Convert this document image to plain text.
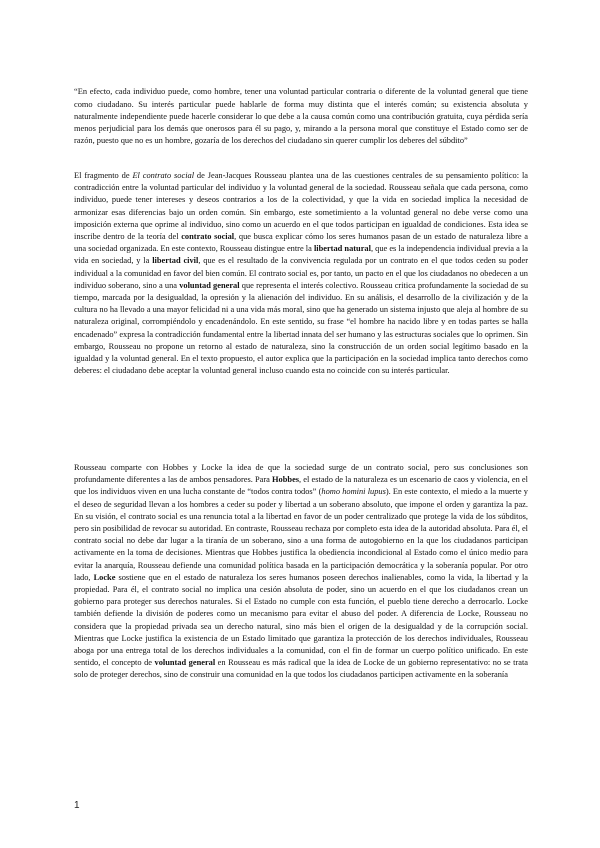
“En efecto, cada individuo puede, como hombre, tener una voluntad particular contraria o diferente de la voluntad general que tiene como ciudadano. Su interés particular puede hablarle de forma muy distinta que el interés común; su existencia absoluta y naturalmente independiente puede hacerle considerar lo que debe a la causa común como una contribución gratuita, cuya pérdida sería menos perjudicial para los demás que onerosos para él su pago, y, mirando a la persona moral que constituye el Estado como ser de razón, puesto que no es un hombre, gozaría de los derechos del ciudadano sin querer cumplir los deberes del súbdito”

El fragmento de El contrato social de Jean-Jacques Rousseau plantea una de las cuestiones centrales de su pensamiento político: la contradicción entre la voluntad particular del individuo y la voluntad general de la sociedad. Rousseau señala que cada persona, como individuo, puede tener intereses y deseos contrarios a los de la colectividad, y que la vida en sociedad implica la necesidad de armonizar esas diferencias bajo un orden común. Sin embargo, este sometimiento a la voluntad general no debe verse como una imposición externa que oprime al individuo, sino como un acuerdo en el que todos participan en igualdad de condiciones. Esta idea se inscribe dentro de la teoría del contrato social, que busca explicar cómo los seres humanos pasan de un estado de naturaleza libre a una sociedad organizada. En este contexto, Rousseau distingue entre la libertad natural, que es la independencia individual previa a la vida en sociedad, y la libertad civil, que es el resultado de la convivencia regulada por un contrato en el que todos ceden su poder individual a la comunidad en favor del bien común. El contrato social es, por tanto, un pacto en el que los ciudadanos no obedecen a un individuo soberano, sino a una voluntad general que representa el interés colectivo. Rousseau critica profundamente la sociedad de su tiempo, marcada por la desigualdad, la opresión y la alienación del individuo. En su análisis, el desarrollo de la civilización y de la cultura no ha llevado a una mayor felicidad ni a una vida más moral, sino que ha generado un sistema injusto que aleja al hombre de su naturaleza original, corrompiéndolo y encadenándolo. En este sentido, su frase “el hombre ha nacido libre y en todas partes se halla encadenado” expresa la contradicción fundamental entre la libertad innata del ser humano y las estructuras sociales que lo oprimen. Sin embargo, Rousseau no propone un retorno al estado de naturaleza, sino la construcción de un orden social legítimo basado en la igualdad y la voluntad general. En el texto propuesto, el autor explica que la participación en la sociedad implica tanto derechos como deberes: el ciudadano debe aceptar la voluntad general incluso cuando esta no coincide con su interés particular.
Rousseau comparte con Hobbes y Locke la idea de que la sociedad surge de un contrato social, pero sus conclusiones son profundamente diferentes a las de ambos pensadores. Para Hobbes, el estado de la naturaleza es un escenario de caos y violencia, en el que los individuos viven en una lucha constante de “todos contra todos” (homo homini lupus). En este contexto, el miedo a la muerte y el deseo de seguridad llevan a los hombres a ceder su poder y libertad a un soberano absoluto, que impone el orden y garantiza la paz. En su visión, el contrato social es una renuncia total a la libertad en favor de un poder centralizado que protege la vida de los súbditos, pero sin posibilidad de revocar su autoridad. En contraste, Rousseau rechaza por completo esta idea de la autoridad absoluta. Para él, el contrato social no debe dar lugar a la tiranía de un soberano, sino a una forma de autogobierno en la que los ciudadanos participan activamente en la toma de decisiones. Mientras que Hobbes justifica la obediencia incondicional al Estado como el único medio para evitar la anarquía, Rousseau defiende una comunidad política basada en la participación democrática y la soberanía popular. Por otro lado, Locke sostiene que en el estado de naturaleza los seres humanos poseen derechos inalienables, como la vida, la libertad y la propiedad. Para él, el contrato social no implica una cesión absoluta de poder, sino un acuerdo en el que los ciudadanos crean un gobierno para proteger sus derechos naturales. Si el Estado no cumple con esta función, el pueblo tiene derecho a derrocarlo. Locke también defiende la división de poderes como un mecanismo para evitar el abuso del poder. A diferencia de Locke, Rousseau no considera que la propiedad privada sea un derecho natural, sino más bien el origen de la desigualdad y de la corrupción social. Mientras que Locke justifica la existencia de un Estado limitado que garantiza la protección de los derechos individuales, Rousseau aboga por una entrega total de los derechos individuales a la comunidad, con el fin de formar un cuerpo político unificado. En este sentido, el concepto de voluntad general en Rousseau es más radical que la idea de Locke de un gobierno representativo: no se trata solo de proteger derechos, sino de construir una comunidad en la que todos los ciudadanos participen activamente en la soberanía
1
